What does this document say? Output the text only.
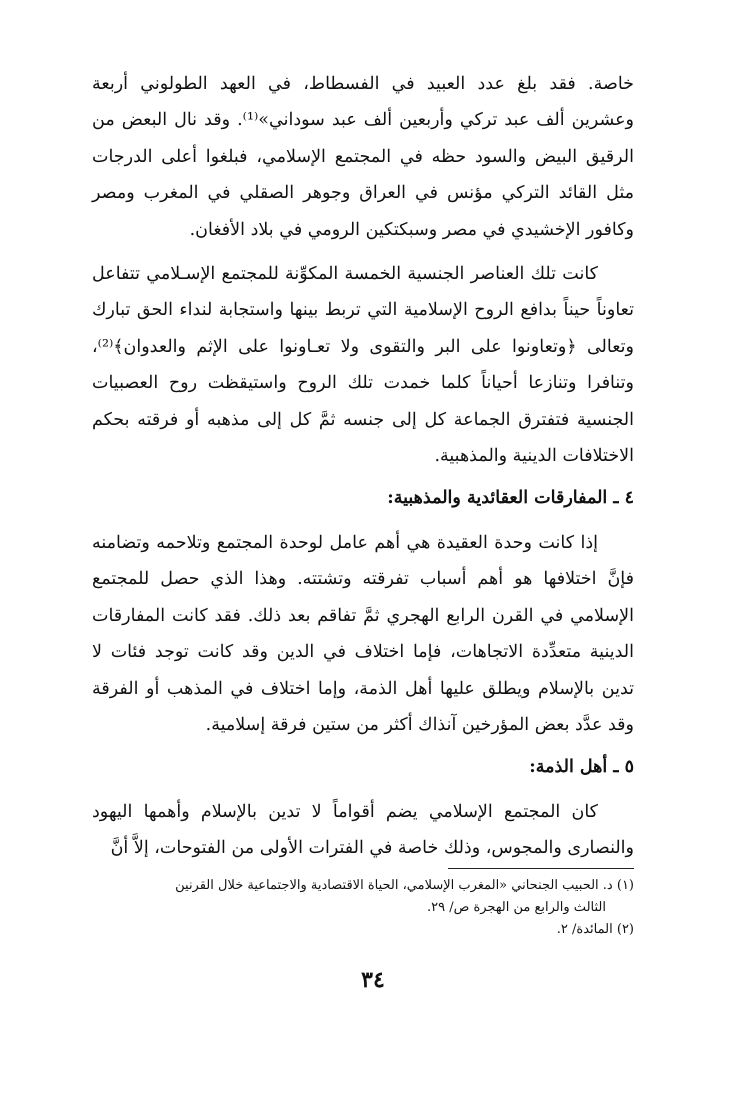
خاصة. فقد بلغ عدد العبيد في الفسطاط، في العهد الطولوني أربعة وعشرين ألف عبد تركي وأربعين ألف عبد سوداني»⁽¹⁾. وقد نال البعض من الرقيق البيض والسود حظه في المجتمع الإسلامي، فبلغوا أعلى الدرجات مثل القائد التركي مؤنس في العراق وجوهر الصقلي في المغرب ومصر وكافور الإخشيدي في مصر وسبكتكين الرومي في بلاد الأفغان.

كانت تلك العناصر الجنسية الخمسة المكوِّنة للمجتمع الإسـلامي تتفاعل تعاوناً حيناً بدافع الروح الإسلامية التي تربط بينها واستجابة لنداء الحق تبارك وتعالى ﴿وتعاونوا على البر والتقوى ولا تعـاونوا على الإثم والعدوان﴾⁽²⁾، وتنافرا وتنازعا أحياناً كلما خمدت تلك الروح واستيقظت روح العصبيات الجنسية فتفترق الجماعة كل إلى جنسه ثمَّ كل إلى مذهبه أو فرقته بحكم الاختلافات الدينية والمذهبية.

٤ ـ المفارقات العقائدية والمذهبية:

إذا كانت وحدة العقيدة هي أهم عامل لوحدة المجتمع وتلاحمه وتضامنه فإنَّ اختلافها هو أهم أسباب تفرقته وتشتته. وهذا الذي حصل للمجتمع الإسلامي في القرن الرابع الهجري ثمَّ تفاقم بعد ذلك. فقد كانت المفارقات الدينية متعدِّدة الاتجاهات، فإما اختلاف في الدين وقد كانت توجد فئات لا تدين بالإسلام ويطلق عليها أهل الذمة، وإما اختلاف في المذهب أو الفرقة وقد عدَّد بعض المؤرخين آنذاك أكثر من ستين فرقة إسلامية.

٥ ـ أهل الذمة:

كان المجتمع الإسلامي يضم أقواماً لا تدين بالإسلام وأهمها اليهود والنصارى والمجوس، وذلك خاصة في الفترات الأولى من الفتوحات، إلاَّ أنَّ

(١) د. الحبيب الجنحاني «المغرب الإسلامي، الحياة الاقتصادية والاجتماعية خلال القرنين

الثالث والرابع من الهجرة ص/ ٢٩.

(٢) المائدة/ ٢.

٣٤
